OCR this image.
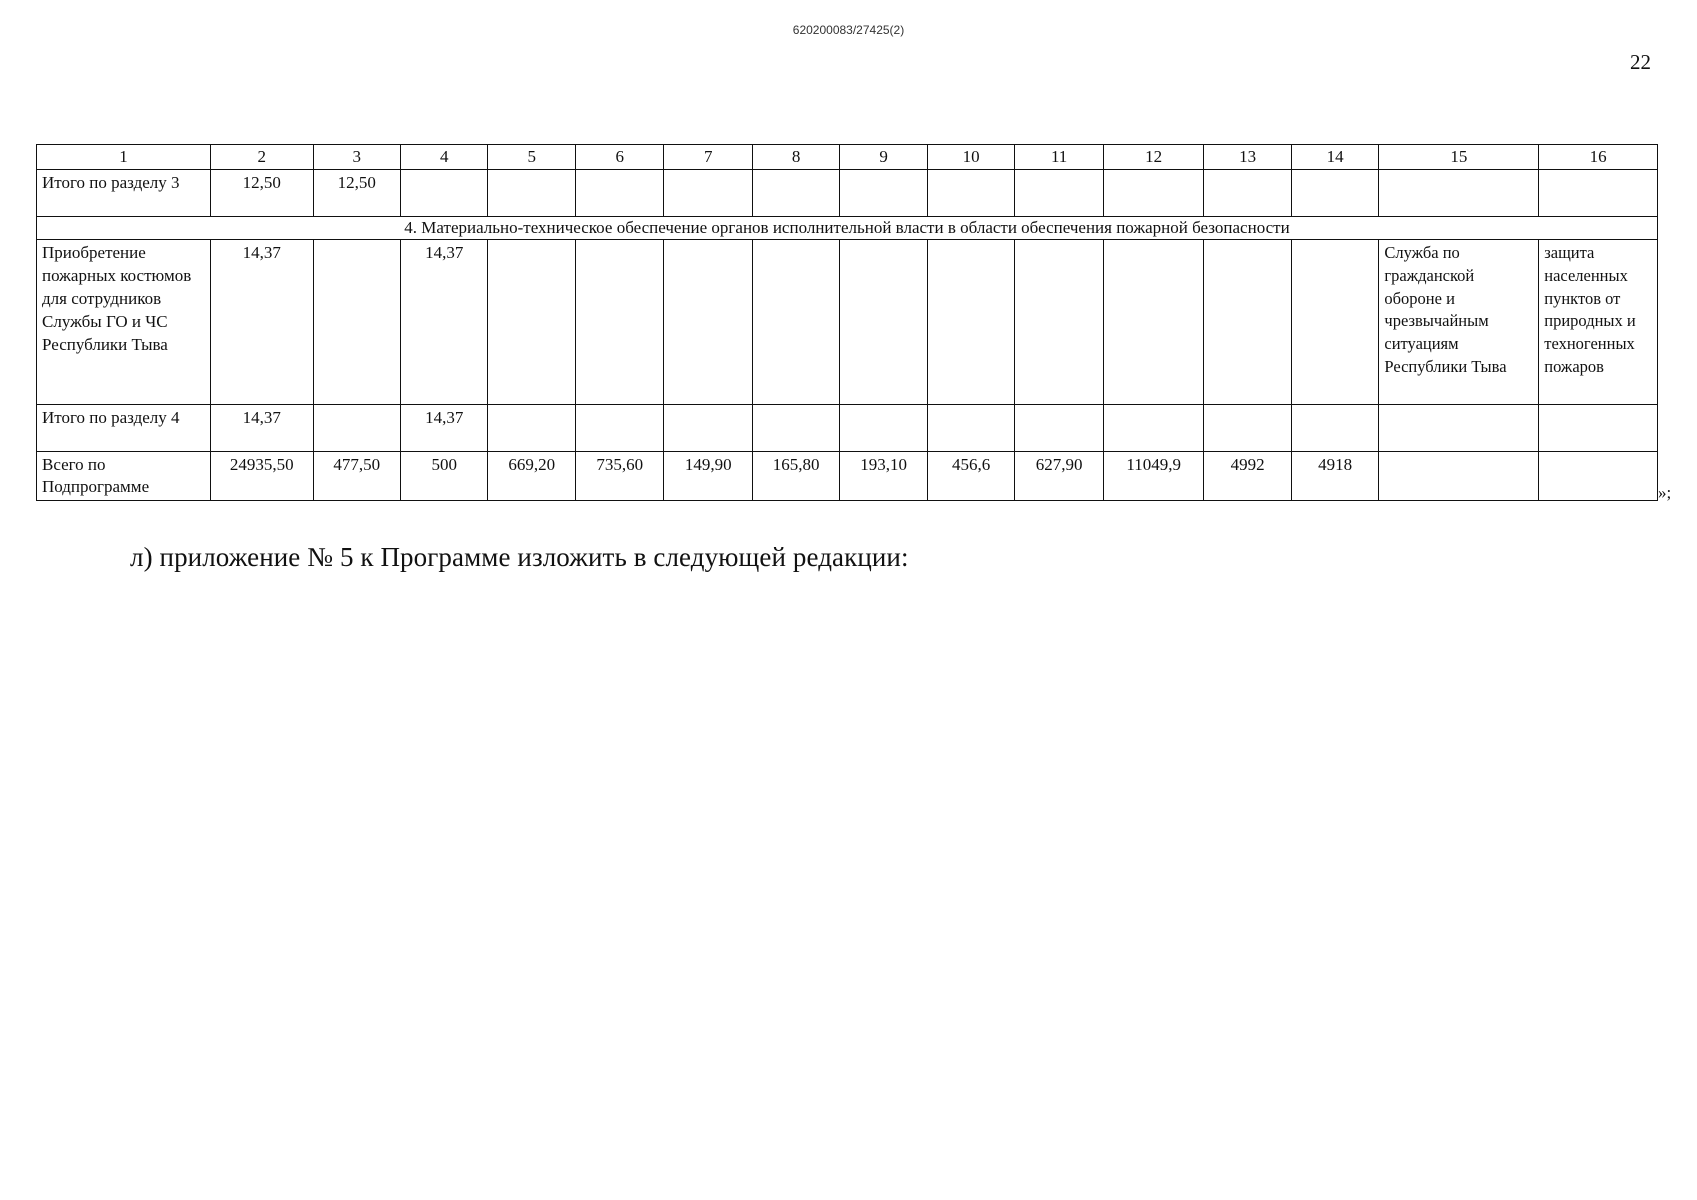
620200083/27425(2)
22
1	2	3	4	5	6	7	8	9	10	11	12	13	14	15	16
Итого по разделу 3	12,50	12,50													
4. Материально-техническое обеспечение органов исполнительной власти в области обеспечения пожарной безопасности															
Приобретение пожарных костюмов для сотрудников Службы ГО и ЧС Республики Тыва	14,37		14,37											Служба по гражданской обороне и чрезвычайным ситуациям Республики Тыва	защита населенных пунктов от природных и техногенных пожаров
Итого по разделу 4	14,37		14,37												
Всего по Подпрограмме	24935,50	477,50	500	669,20	735,60	149,90	165,80	193,10	456,6	627,90	11049,9	4992	4918		
»;
л) приложение № 5 к Программе изложить в следующей редакции:
